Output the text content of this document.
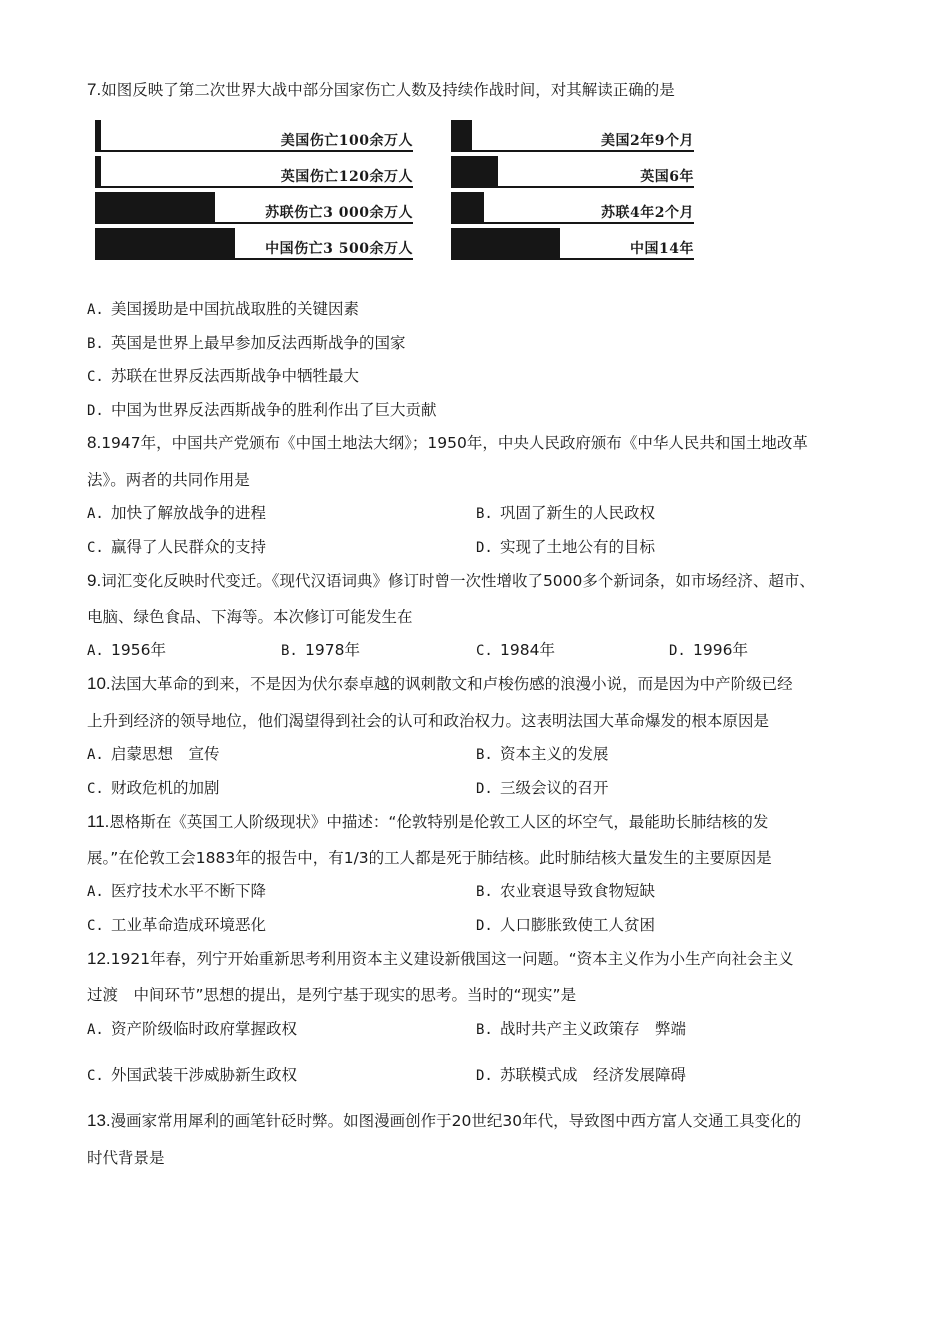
7.如图反映了第二次世界大战中部分国家伤亡人数及持续作战时间，对其解读正确的是
美国伤亡100余万人
英国伤亡120余万人
苏联伤亡3 000余万人
中国伤亡3 500余万人
美国2年9个月
英国6年
苏联4年2个月
中国14年
A. 美国援助是中国抗战取胜的关键因素
B. 英国是世界上最早参加反法西斯战争的国家
C. 苏联在世界反法西斯战争中牺牲最大
D. 中国为世界反法西斯战争的胜利作出了巨大贡献
8.1947年，中国共产党颁布《中国土地法大纲》；1950年，中央人民政府颁布《中华人民共和国土地改革
法》。两者的共同作用是
A. 加快了解放战争的进程	B. 巩固了新生的人民政权
C. 赢得了人民群众的支持	D. 实现了土地公有的目标
9.词汇变化反映时代变迁。《现代汉语词典》修订时曾一次性增收了5000多个新词条，如市场经济、超市、
电脑、绿色食品、下海等。本次修订可能发生在
A. 1956年	B. 1978年	C. 1984年	D. 1996年
10.法国大革命的到来，不是因为伏尔泰卓越的讽刺散文和卢梭伤感的浪漫小说，而是因为中产阶级已经
上升到经济的领导地位，他们渴望得到社会的认可和政治权力。这表明法国大革命爆发的根本原因是
A. 启蒙思想　宣传	B. 资本主义的发展
C. 财政危机的加剧	D. 三级会议的召开
11.恩格斯在《英国工人阶级现状》中描述：“伦敦特别是伦敦工人区的坏空气，最能助长肺结核的发
展。”在伦敦工会1883年的报告中，有1/3的工人都是死于肺结核。此时肺结核大量发生的主要原因是
A. 医疗技术水平不断下降	B. 农业衰退导致食物短缺
C. 工业革命造成环境恶化	D. 人口膨胀致使工人贫困
12.1921年春，列宁开始重新思考利用资本主义建设新俄国这一问题。“资本主义作为小生产向社会主义
过渡　中间环节”思想的提出，是列宁基于现实的思考。当时的“现实”是
A. 资产阶级临时政府掌握政权	B. 战时共产主义政策存　弊端
C. 外国武装干涉威胁新生政权	D. 苏联模式成　经济发展障碍
13.漫画家常用犀利的画笔针砭时弊。如图漫画创作于20世纪30年代，导致图中西方富人交通工具变化的
时代背景是
